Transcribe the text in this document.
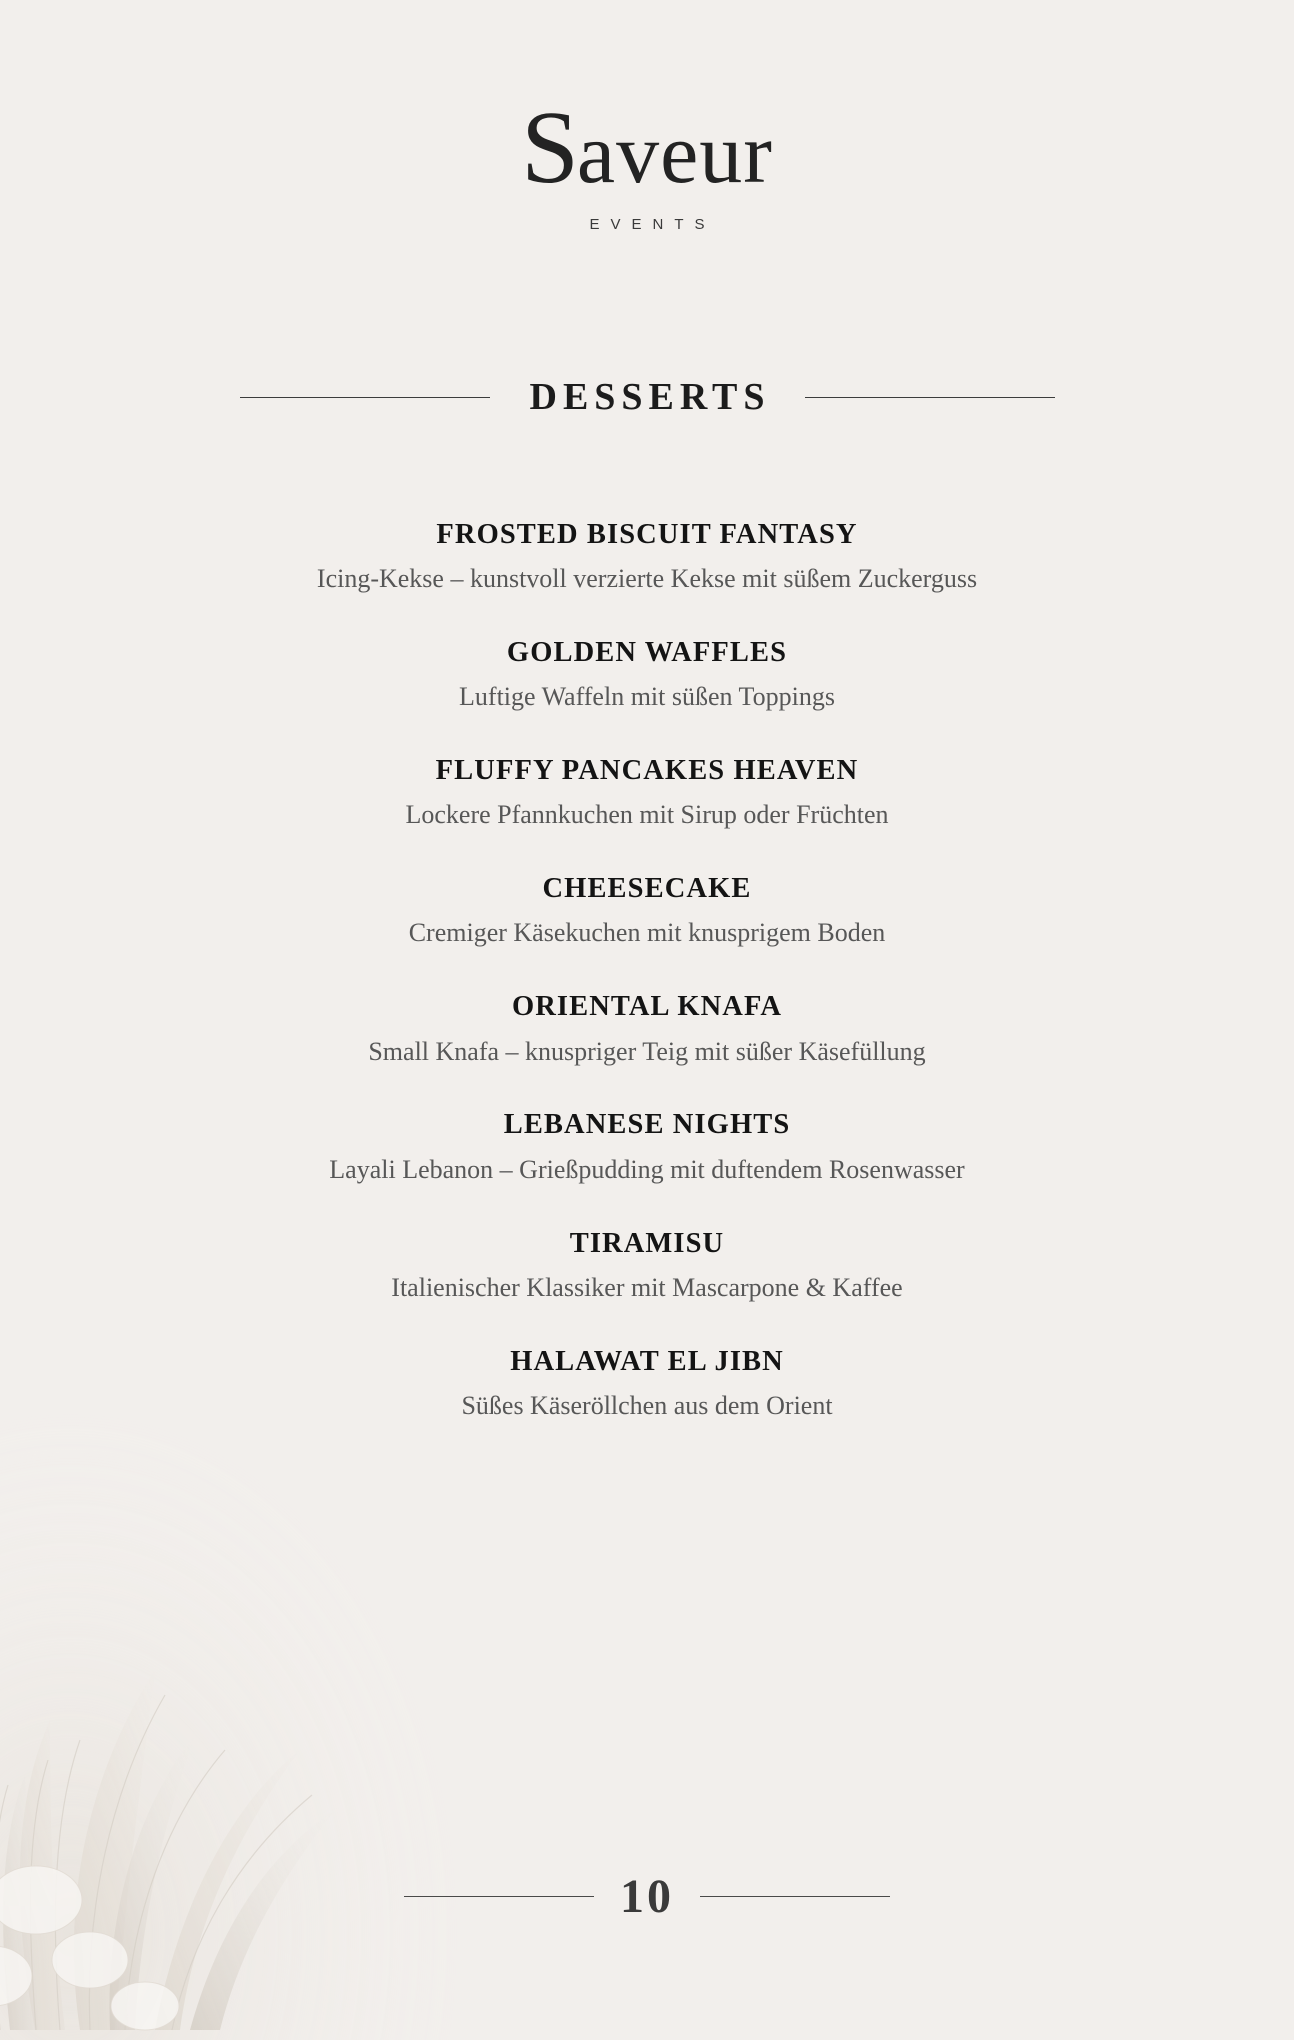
Saveur
EVENTS
DESSERTS
FROSTED BISCUIT FANTASY
Icing-Kekse – kunstvoll verzierte Kekse mit süßem Zuckerguss
GOLDEN WAFFLES
Luftige Waffeln mit süßen Toppings
FLUFFY PANCAKES HEAVEN
Lockere Pfannkuchen mit Sirup oder Früchten
CHEESECAKE
Cremiger Käsekuchen mit knusprigem Boden
ORIENTAL KNAFA
Small Knafa – knuspriger Teig mit süßer Käsefüllung
LEBANESE NIGHTS
Layali Lebanon – Grießpudding mit duftendem Rosenwasser
TIRAMISU
Italienischer Klassiker mit Mascarpone & Kaffee
HALAWAT EL JIBN
Süßes Käseröllchen aus dem Orient
10
